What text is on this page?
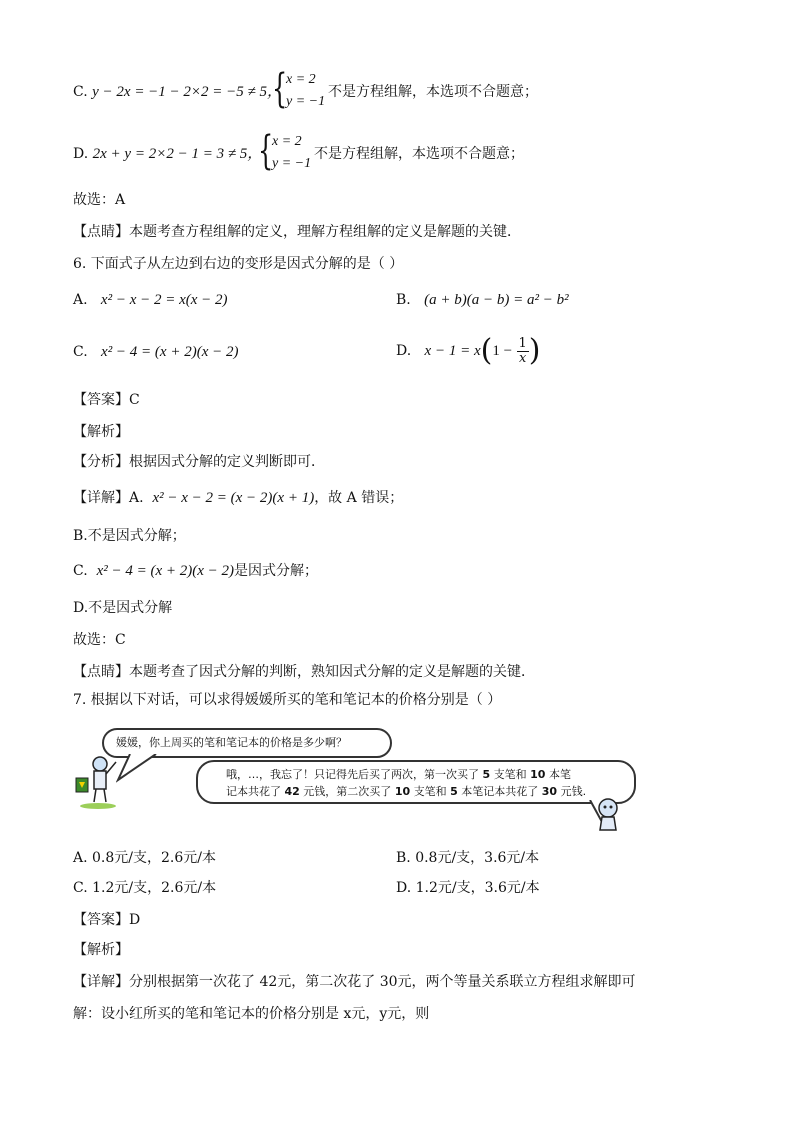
C. y − 2x = −1 − 2×2 = −5 ≠ 5，
{
x = 2
y = −1
不是方程组解，本选项不合题意；
D. 2x + y = 2×2 − 1 = 3 ≠ 5，
{
x = 2
y = −1
不是方程组解，本选项不合题意；
故选：A
【点睛】本题考查方程组解的定义，理解方程组解的定义是解题的关键．
6. 下面式子从左边到右边的变形是因式分解的是（ ）
A. x² − x − 2 = x(x − 2)	B. (a + b)(a − b) = a² − b²
C. x² − 4 = (x + 2)(x − 2)	D. $x - 1 = x(1 - \frac{1}{x}$ )
【答案】C
【解析】
【分析】根据因式分解的定义判断即可．
【详解】A. x² − x − 2 = (x − 2)(x + 1)，故 A 错误；
B.不是因式分解；
C. x² − 4 = (x + 2)(x − 2)是因式分解；
D.不是因式分解
故选：C
【点睛】本题考查了因式分解的判断，熟知因式分解的定义是解题的关键．
7. 根据以下对话，可以求得媛媛所买的笔和笔记本的价格分别是（ ）
媛媛，你上周买的笔和笔记本的价格是多少啊？
哦，…，我忘了！只记得先后买了两次，第一次买了 5 支笔和 10 本笔
记本共花了 42 元钱，第二次买了 10 支笔和 5 本笔记本共花了 30 元钱.
A. 0.8元/支，2.6元/本	B. 0.8元/支，3.6元/本
C. 1.2元/支，2.6元/本	D. 1.2元/支，3.6元/本
【答案】D
【解析】
【详解】分别根据第一次花了 42元，第二次花了 30元，两个等量关系联立方程组求解即可
解：设小红所买的笔和笔记本的价格分别是 x元，y元，则
